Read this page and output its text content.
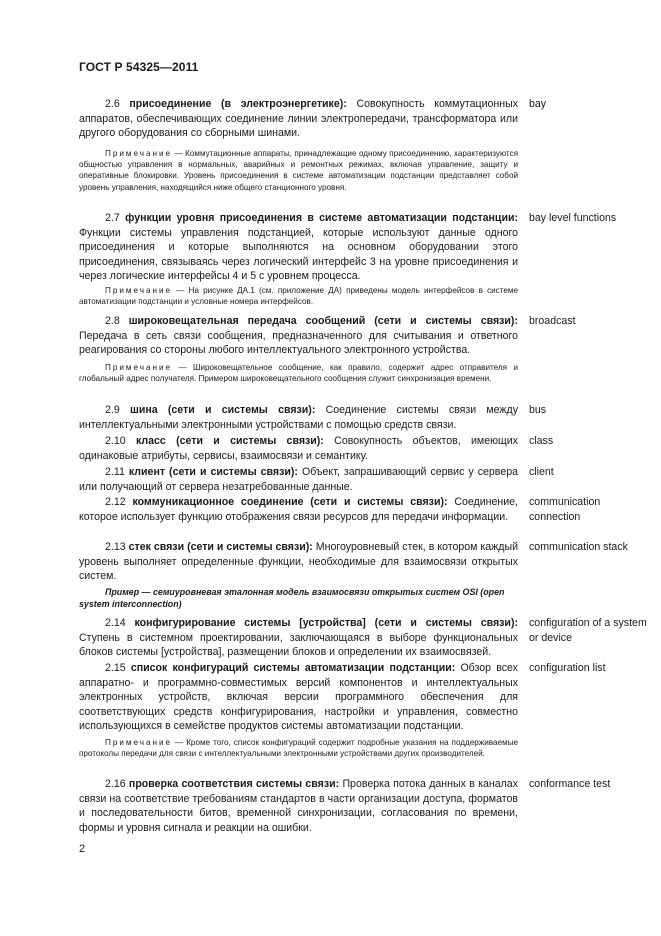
ГОСТ Р 54325—2011
2.6 присоединение (в электроэнергетике): Совокупность коммутационных аппаратов, обеспечивающих соединение линии электропередачи, трансформатора или другого оборудования со сборными шинами.
bay
Примечание — Коммутационные аппараты, принадлежащие одному присоединению, характеризуются общностью управления в нормальных, аварийных и ремонтных режимах, включая управление, защиту и оперативные блокировки. Уровень присоединения в системе автоматизации подстанции представляет собой уровень управления, находящийся ниже общего станционного уровня.
2.7 функции уровня присоединения в системе автоматизации подстанции: Функции системы управления подстанцией, которые используют данные одного присоединения и которые выполняются на основном оборудовании этого присоединения, связываясь через логический интерфейс 3 на уровне присоединения и через логические интерфейсы 4 и 5 с уровнем процесса.
bay level functions
Примечание — На рисунке ДА.1 (см. приложение ДА) приведены модель интерфейсов в системе автоматизации подстанции и условные номера интерфейсов.
2.8 широковещательная передача сообщений (сети и системы связи): Передача в сеть связи сообщения, предназначенного для считывания и ответного реагирования со стороны любого интеллектуального электронного устройства.
broadcast
Примечание — Широковещательное сообщение, как правило, содержит адрес отправителя и глобальный адрес получателя. Примером широковещательного сообщения служит синхронизация времени.
2.9 шина (сети и системы связи): Соединение системы связи между интеллектуальными электронными устройствами с помощью средств связи.
bus
2.10 класс (сети и системы связи): Совокупность объектов, имеющих одинаковые атрибуты, сервисы, взаимосвязи и семантику.
class
2.11 клиент (сети и системы связи): Объект, запрашивающий сервис у сервера или получающий от сервера незатребованные данные.
client
2.12 коммуникационное соединение (сети и системы связи): Соединение, которое использует функцию отображения связи ресурсов для передачи информации.
communication connection
2.13 стек связи (сети и системы связи): Многоуровневый стек, в котором каждый уровень выполняет определенные функции, необходимые для взаимосвязи открытых систем.
communication stack
Пример — семиуровневая эталонная модель взаимосвязи открытых систем OSI (open system interconnection)
2.14 конфигурирование системы [устройства] (сети и системы связи): Ступень в системном проектировании, заключающаяся в выборе функциональных блоков системы [устройства], размещении блоков и определении их взаимосвязей.
configuration of a system or device
2.15 список конфигураций системы автоматизации подстанции: Обзор всех аппаратно- и программно-совместимых версий компонентов и интеллектуальных электронных устройств, включая версии программного обеспечения для соответствующих средств конфигурирования, настройки и управления, совместно использующихся в семействе продуктов системы автоматизации подстанции.
configuration list
Примечание — Кроме того, список конфигураций содержит подробные указания на поддерживаемые протоколы передачи для связи с интеллектуальными электронными устройствами других производителей.
2.16 проверка соответствия системы связи: Проверка потока данных в каналах связи на соответствие требованиям стандартов в части организации доступа, форматов и последовательности битов, временной синхронизации, согласования по времени, формы и уровня сигнала и реакции на ошибки.
conformance test
2
